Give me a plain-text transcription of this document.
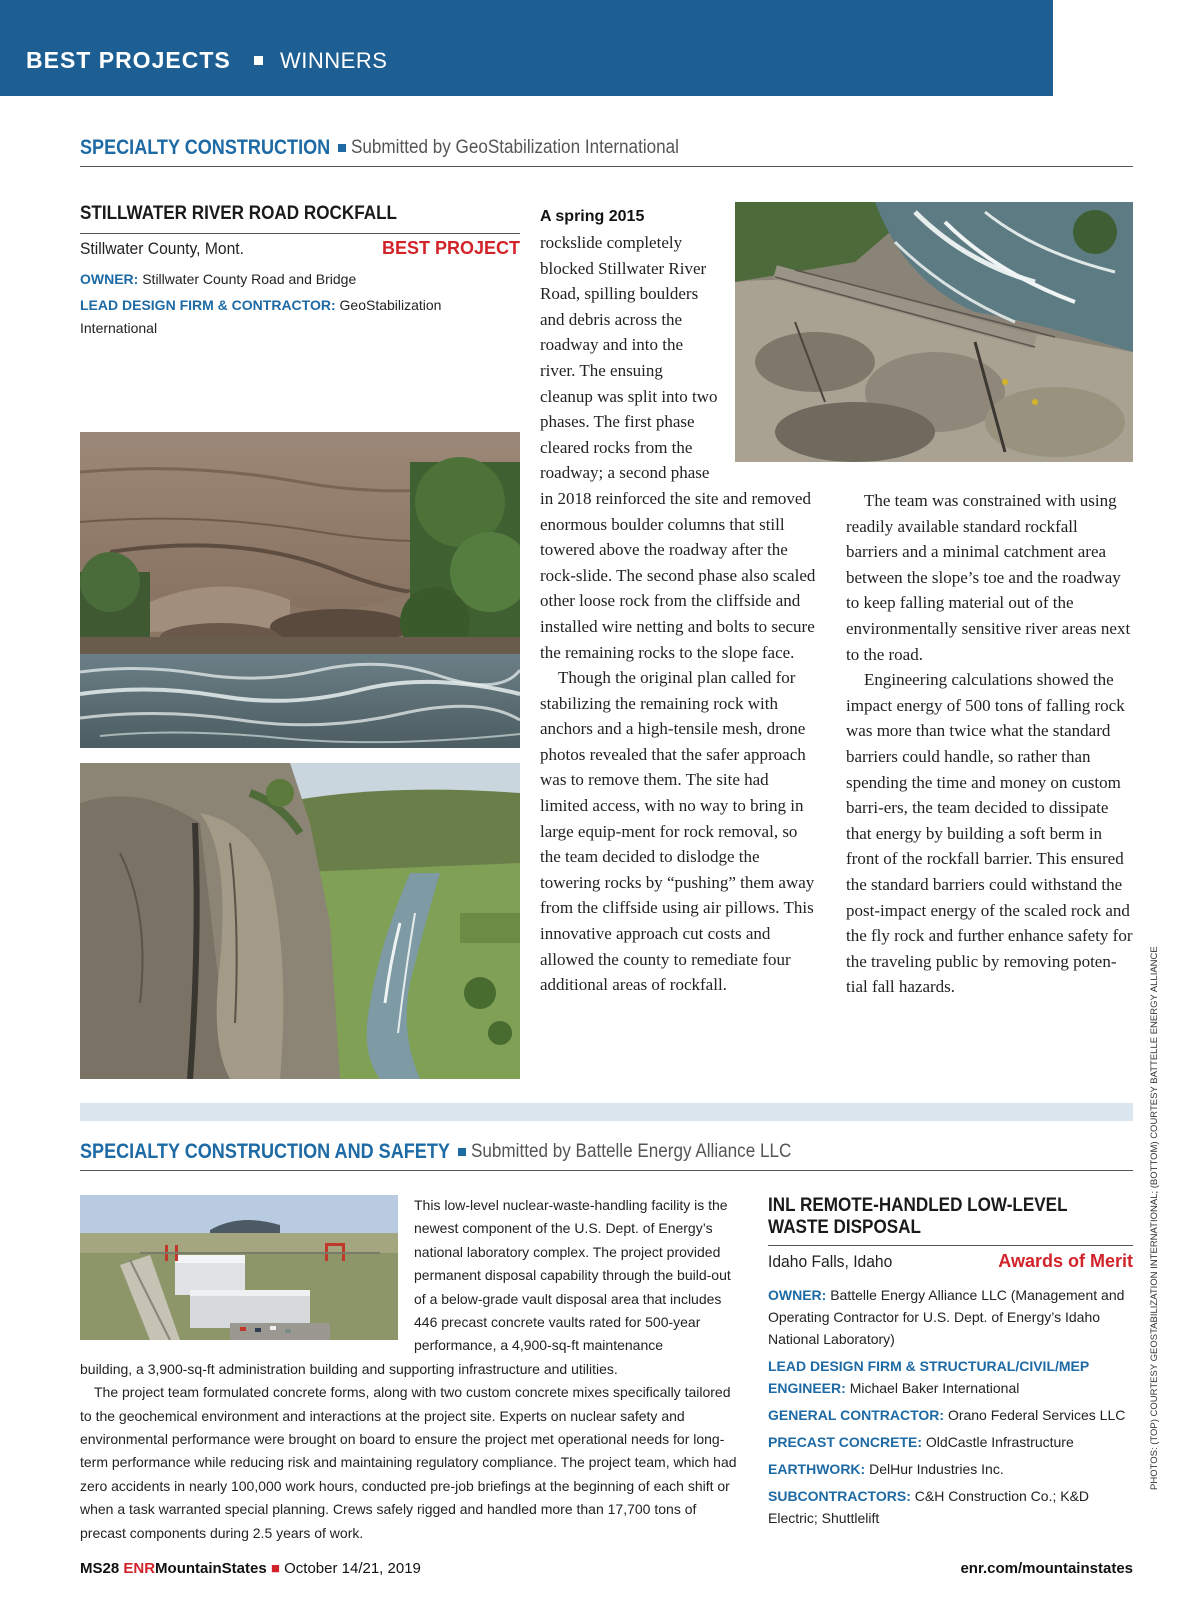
BEST PROJECTS WINNERS
SPECIALTY CONSTRUCTION Submitted by GeoStabilization International
STILLWATER RIVER ROAD ROCKFALL
Stillwater County, Mont.	BEST PROJECT

OWNER: Stillwater County Road and Bridge

LEAD DESIGN FIRM & CONTRACTOR: GeoStabilization International

A spring 2015

rockslide completely blocked Stillwater River Road, spilling boulders and debris across the roadway and into the river. The ensuing cleanup was split into two phases. The first phase cleared rocks from the roadway; a second phase in 2018 reinforced the site and removed enormous boulder columns that still towered above the roadway after the rock-slide. The second phase also scaled other loose rock from the cliffside and installed wire netting and bolts to secure the remaining rocks to the slope face.

Though the original plan called for stabilizing the remaining rock with anchors and a high-tensile mesh, drone photos revealed that the safer approach was to remove them. The site had limited access, with no way to bring in large equip-ment for rock removal, so the team decided to dislodge the towering rocks by “pushing” them away from the cliffside using air pillows. This innovative approach cut costs and allowed the county to remediate four additional areas of rockfall.

The team was constrained with using readily available standard rockfall barriers and a minimal catchment area between the slope’s toe and the roadway to keep falling material out of the environmentally sensitive river areas next to the road.

Engineering calculations showed the impact energy of 500 tons of falling rock was more than twice what the standard barriers could handle, so rather than spending the time and money on custom barri-ers, the team decided to dissipate that energy by building a soft berm in front of the rockfall barrier. This ensured the standard barriers could withstand the post-impact energy of the scaled rock and the fly rock and further enhance safety for the traveling public by removing poten-tial fall hazards.

SPECIALTY CONSTRUCTION AND SAFETY Submitted by Battelle Energy Alliance LLC

This low-level nuclear-waste-handling facility is the newest component of the U.S. Dept. of Energy’s national laboratory complex. The project provided permanent disposal capability through the build-out of a below-grade vault disposal area that includes 446 precast concrete vaults rated for 500-year performance, a 4,900-sq-ft maintenance

building, a 3,900-sq-ft administration building and supporting infrastructure and utilities.

The project team formulated concrete forms, along with two custom concrete mixes specifically tailored to the geochemical environment and interactions at the project site. Experts on nuclear safety and environmental performance were brought on board to ensure the project met operational needs for long-term performance while reducing risk and maintaining regulatory compliance. The project team, which had zero accidents in nearly 100,000 work hours, conducted pre-job briefings at the beginning of each shift or when a task warranted special planning. Crews safely rigged and handled more than 17,700 tons of precast components during 2.5 years of work.

INL REMOTE-HANDLED LOW-LEVEL
WASTE DISPOSAL
Idaho Falls, Idaho	Awards of Merit

OWNER: Battelle Energy Alliance LLC (Management and Operating Contractor for U.S. Dept. of Energy’s Idaho National Laboratory)

LEAD DESIGN FIRM & STRUCTURAL/CIVIL/MEP ENGINEER: Michael Baker International

GENERAL CONTRACTOR: Orano Federal Services LLC

PRECAST CONCRETE: OldCastle Infrastructure

EARTHWORK: DelHur Industries Inc.

SUBCONTRACTORS: C&H Construction Co.; K&D Electric; Shuttlelift

PHOTOS: (TOP) COURTESY GEOSTABILIZATION INTERNATIONAL; (BOTTOM) COURTESY BATTELLE ENERGY ALLIANCE
MS28 ENRMountainStates ■ October 14/21, 2019	enr.com/mountainstates
